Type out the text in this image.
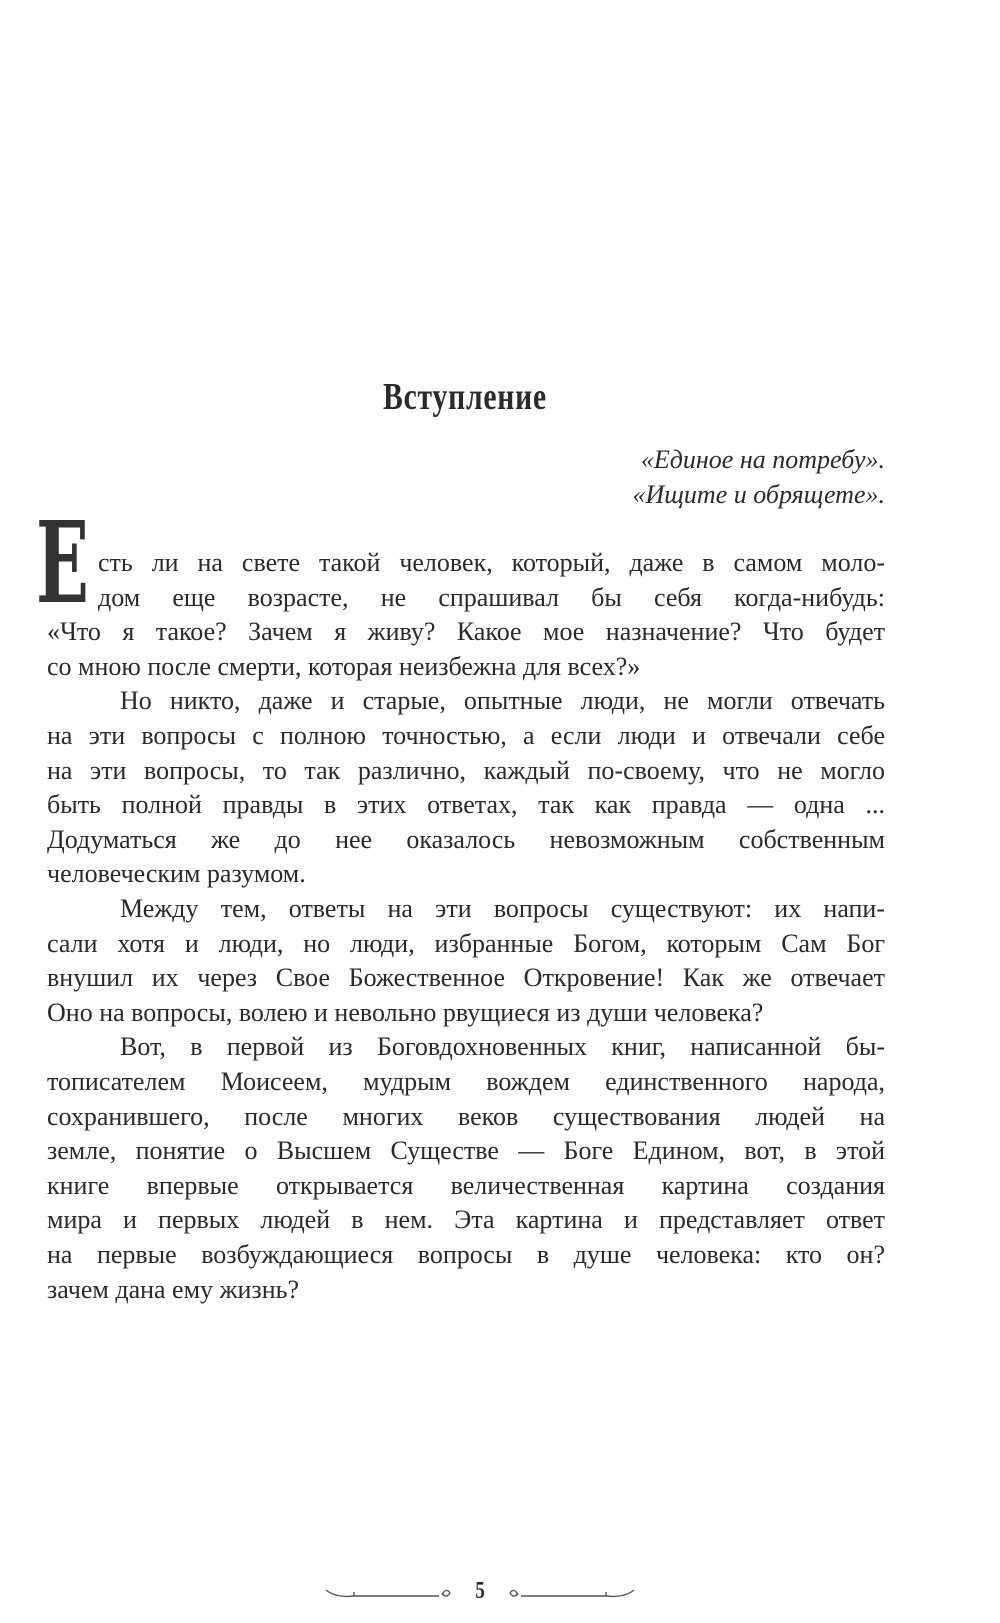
Вступление
«Единое на потребу».
«Ищите и обрящете».
Е сть ли на свете такой человек, который, даже в самом моло-
дом еще возрасте, не спрашивал бы себя когда-нибудь:
«Что я такое? Зачем я живу? Какое мое назначение? Что будет
со мною после смерти, которая неизбежна для всех?»
Но никто, даже и старые, опытные люди, не могли отвечать
на эти вопросы с полною точностью, а если люди и отвечали себе
на эти вопросы, то так различно, каждый по-своему, что не могло
быть полной правды в этих ответах, так как правда — одна ...
Додуматься же до нее оказалось невозможным собственным
человеческим разумом.
Между тем, ответы на эти вопросы существуют: их напи-
сали хотя и люди, но люди, избранные Богом, которым Сам Бог
внушил их через Свое Божественное Откровение! Как же отвечает
Оно на вопросы, волею и невольно рвущиеся из души человека?
Вот, в первой из Боговдохновенных книг, написанной бы-
тописателем Моисеем, мудрым вождем единственного народа,
сохранившего, после многих веков существования людей на
земле, понятие о Высшем Существе — Боге Едином, вот, в этой
книге впервые открывается величественная картина создания
мира и первых людей в нем. Эта картина и представляет ответ
на первые возбуждающиеся вопросы в душе человека: кто он?
зачем дана ему жизнь?
5
